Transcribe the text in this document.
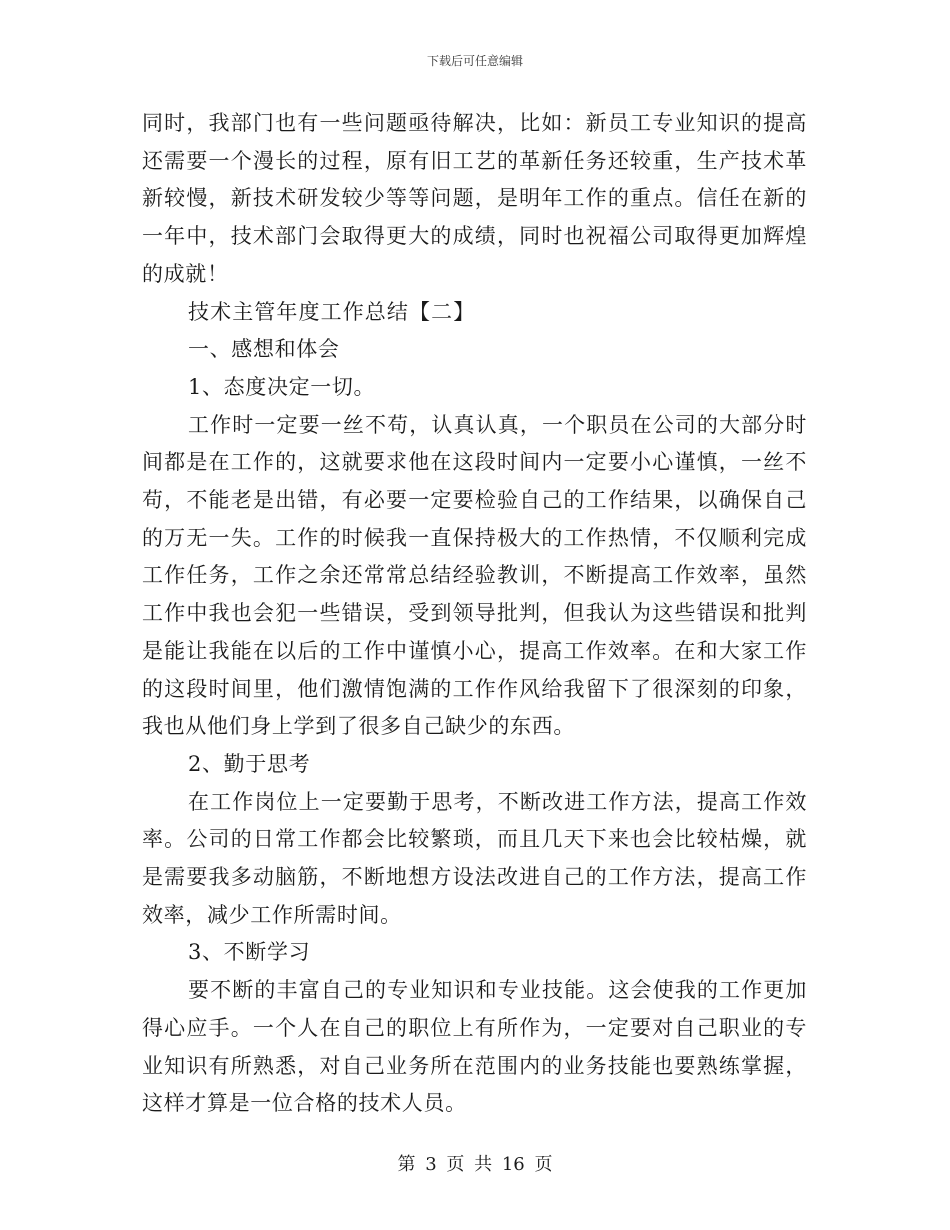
下载后可任意编辑

同时，我部门也有一些问题亟待解决，比如：新员工专业知识的提高还需要一个漫长的过程，原有旧工艺的革新任务还较重，生产技术革新较慢，新技术研发较少等等问题，是明年工作的重点。信任在新的一年中，技术部门会取得更大的成绩，同时也祝福公司取得更加辉煌的成就！

技术主管年度工作总结【二】

一、感想和体会

1、态度决定一切。

工作时一定要一丝不苟，认真认真，一个职员在公司的大部分时间都是在工作的，这就要求他在这段时间内一定要小心谨慎，一丝不苟，不能老是出错，有必要一定要检验自己的工作结果，以确保自己的万无一失。工作的时候我一直保持极大的工作热情，不仅顺利完成工作任务，工作之余还常常总结经验教训，不断提高工作效率，虽然工作中我也会犯一些错误，受到领导批判，但我认为这些错误和批判是能让我能在以后的工作中谨慎小心，提高工作效率。在和大家工作的这段时间里，他们激情饱满的工作作风给我留下了很深刻的印象，我也从他们身上学到了很多自己缺少的东西。

2、勤于思考

在工作岗位上一定要勤于思考，不断改进工作方法，提高工作效率。公司的日常工作都会比较繁琐，而且几天下来也会比较枯燥，就是需要我多动脑筋，不断地想方设法改进自己的工作方法，提高工作效率，减少工作所需时间。

3、不断学习

要不断的丰富自己的专业知识和专业技能。这会使我的工作更加得心应手。一个人在自己的职位上有所作为，一定要对自己职业的专业知识有所熟悉，对自己业务所在范围内的业务技能也要熟练掌握，这样才算是一位合格的技术人员。

第 3 页 共 16 页
